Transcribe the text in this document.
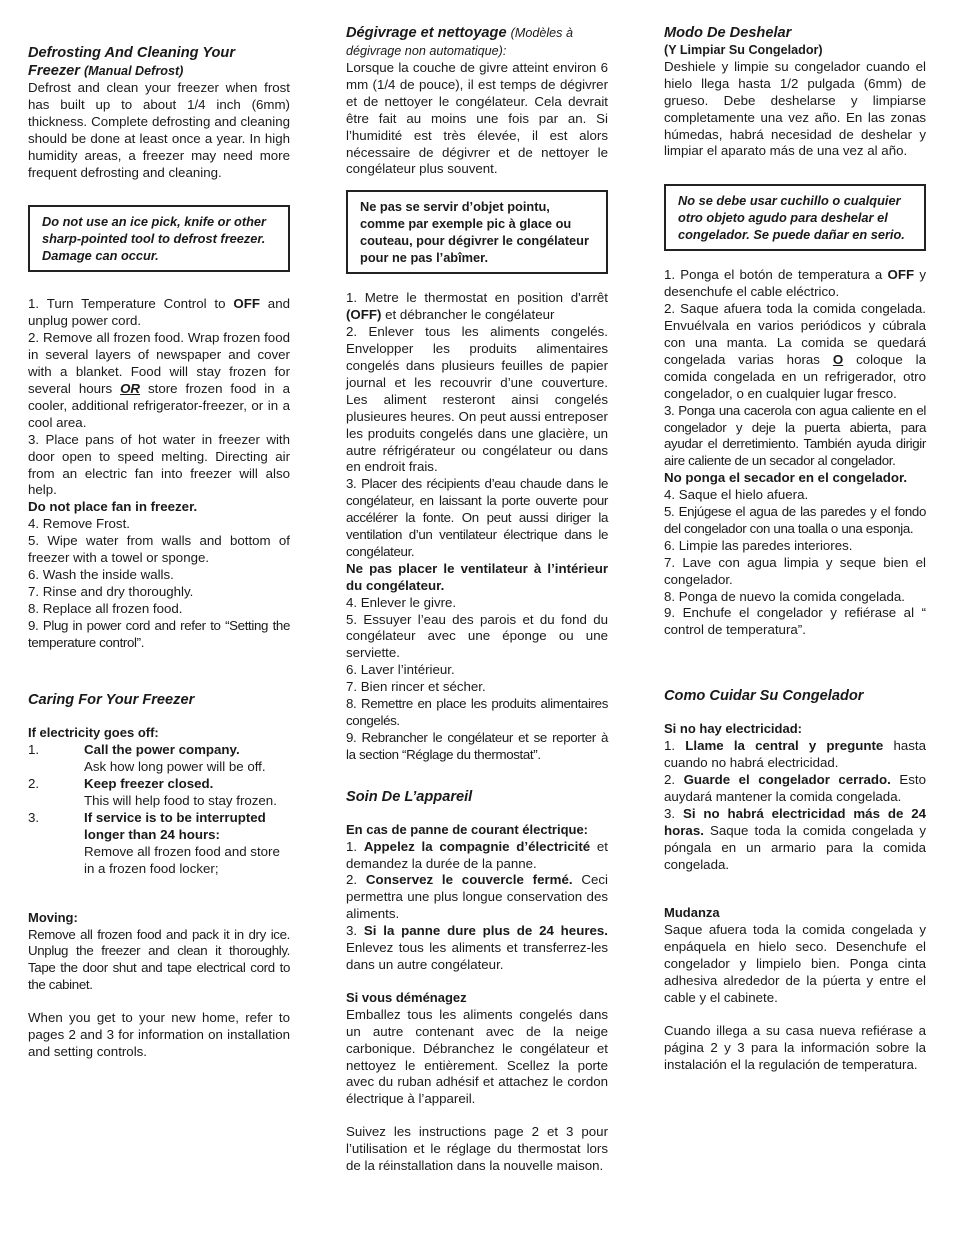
Defrosting And Cleaning Your
Freezer (Manual Defrost)

Defrost and clean your freezer when frost has built up to about 1/4 inch (6mm) thickness. Complete defrosting and cleaning should be done at least once a year. In high humidity areas, a freezer may need more frequent defrosting and cleaning.

Do not use an ice pick, knife or other sharp-pointed tool to defrost freezer. Damage can occur.

1. Turn Temperature Control to OFF and unplug power cord.

2. Remove all frozen food. Wrap frozen food in several layers of newspaper and cover with a blanket. Food will stay frozen for several hours OR store frozen food in a cooler, additional refrigerator-freezer, or in a cool area.

3. Place pans of hot water in freezer with door open to speed melting. Directing air from an electric fan into freezer will also help.

Do not place fan in freezer.

4. Remove Frost.

5. Wipe water from walls and bottom of freezer with a towel or sponge.

6. Wash the inside walls.

7. Rinse and dry thoroughly.

8. Replace all frozen food.

9. Plug in power cord and refer to “Setting the temperature control”.

Caring For Your Freezer
If electricity goes off:
1.	Call the power company.
Ask how long power will be off.
2.	Keep freezer closed.
This will help food to stay frozen.
3.	If service is to be interrupted longer than 24 hours:
Remove all frozen food and store in a frozen food locker;
Moving:

Remove all frozen food and pack it in dry ice. Unplug the freezer and clean it thoroughly. Tape the door shut and tape electrical cord to the cabinet.

When you get to your new home, refer to pages 2 and 3 for information on installation and setting controls.

Dégivrage et nettoyage (Modèles à dégivrage non automatique):

Lorsque la couche de givre atteint environ 6 mm (1/4 de pouce), il est temps de dégivrer et de nettoyer le congélateur. Cela devrait être fait au moins une fois par an. Si l’humidité est très élevée, il est alors nécessaire de dégivrer et de nettoyer le congélateur plus souvent.

Ne pas se servir d’objet pointu, comme par exemple pic à glace ou couteau, pour dégivrer le congélateur pour ne pas l’abîmer.

1. Metre le thermostat en position d'arrêt (OFF) et débrancher le congélateur

2. Enlever tous les aliments congelés. Envelopper les produits alimentaires congelés dans plusieurs feuilles de papier journal et les recouvrir d’une couverture. Les aliment resteront ainsi congelés plusieures heures. On peut aussi entreposer les produits congelés dans une glacière, un autre réfrigérateur ou congélateur ou dans en endroit frais.

3. Placer des récipients d’eau chaude dans le congélateur, en laissant la porte ouverte pour accélérer la fonte. On peut aussi diriger la ventilation d’un ventilateur électrique dans le congélateur.

Ne pas placer le ventilateur à l’intérieur du congélateur.

4. Enlever le givre.

5. Essuyer l’eau des parois et du fond du congélateur avec une éponge ou une serviette.

6. Laver l’intérieur.

7. Bien rincer et sécher.

8. Remettre en place les produits alimentaires congelés.

9. Rebrancher le congélateur et se reporter à la section “Réglage du thermostat”.

Soin De L’appareil
En cas de panne de courant électrique:

1. Appelez la compagnie d’électricité et demandez la durée de la panne.

2. Conservez le couvercle fermé. Ceci permettra une plus longue conservation des aliments.

3. Si la panne dure plus de 24 heures. Enlevez tous les aliments et transferrez-les dans un autre congélateur.

Si vous déménagez

Emballez tous les aliments congelés dans un autre contenant avec de la neige carbonique. Débranchez le congélateur et nettoyez le entièrement. Scellez la porte avec du ruban adhésif et attachez le cordon électrique à l’appareil.

Suivez les instructions page 2 et 3 pour l’utilisation et le réglage du thermostat lors de la réinstallation dans la nouvelle maison.

Modo De Deshelar
(Y Limpiar Su Congelador)

Deshiele y limpie su congelador cuando el hielo llega hasta 1/2 pulgada (6mm) de grueso. Debe deshelarse y limpiarse completamente una vez año. En las zonas húmedas, habrá necesidad de deshelar y limpiar el aparato más de una vez al año.

No se debe usar cuchillo o cualquier otro objeto agudo para deshelar el congelador. Se puede dañar en serio.

1. Ponga el botón de temperatura a OFF y desenchufe el cable eléctrico.

2. Saque afuera toda la comida congelada. Envuélvala en varios periódicos y cúbrala con una manta. La comida se quedará congelada varias horas O coloque la comida congelada en un refrigerador, otro congelador, o en cualquier lugar fresco.

3. Ponga una cacerola con agua caliente en el congelador y deje la puerta abierta, para ayudar el derretimiento. También ayuda dirigir aire caliente de un secador al congelador.

No ponga el secador en el congelador.

4. Saque el hielo afuera.

5. Enjúgese el agua de las paredes y el fondo del congelador con una toalla o una esponja.

6. Limpie las paredes interiores.

7. Lave con agua limpia y seque bien el congelador.

8. Ponga de nuevo la comida congelada.

9. Enchufe el congelador y refiérase al “ control de temperatura”.

Como Cuidar Su Congelador
Si no hay electricidad:

1. Llame la central y pregunte hasta cuando no habrá electricidad.

2. Guarde el congelador cerrado. Esto auydará mantener la comida congelada.

3. Si no habrá electricidad más de 24 horas. Saque toda la comida congelada y póngala en un armario para la comida congelada.

Mudanza

Saque afuera toda la comida congelada y enpáquela en hielo seco. Desenchufe el congelador y limpielo bien. Ponga cinta adhesiva alrededor de la púerta y entre el cable y el cabinete.

Cuando illega a su casa nueva refiérase a página 2 y 3 para la información sobre la instalación el la regulación de temperatura.
